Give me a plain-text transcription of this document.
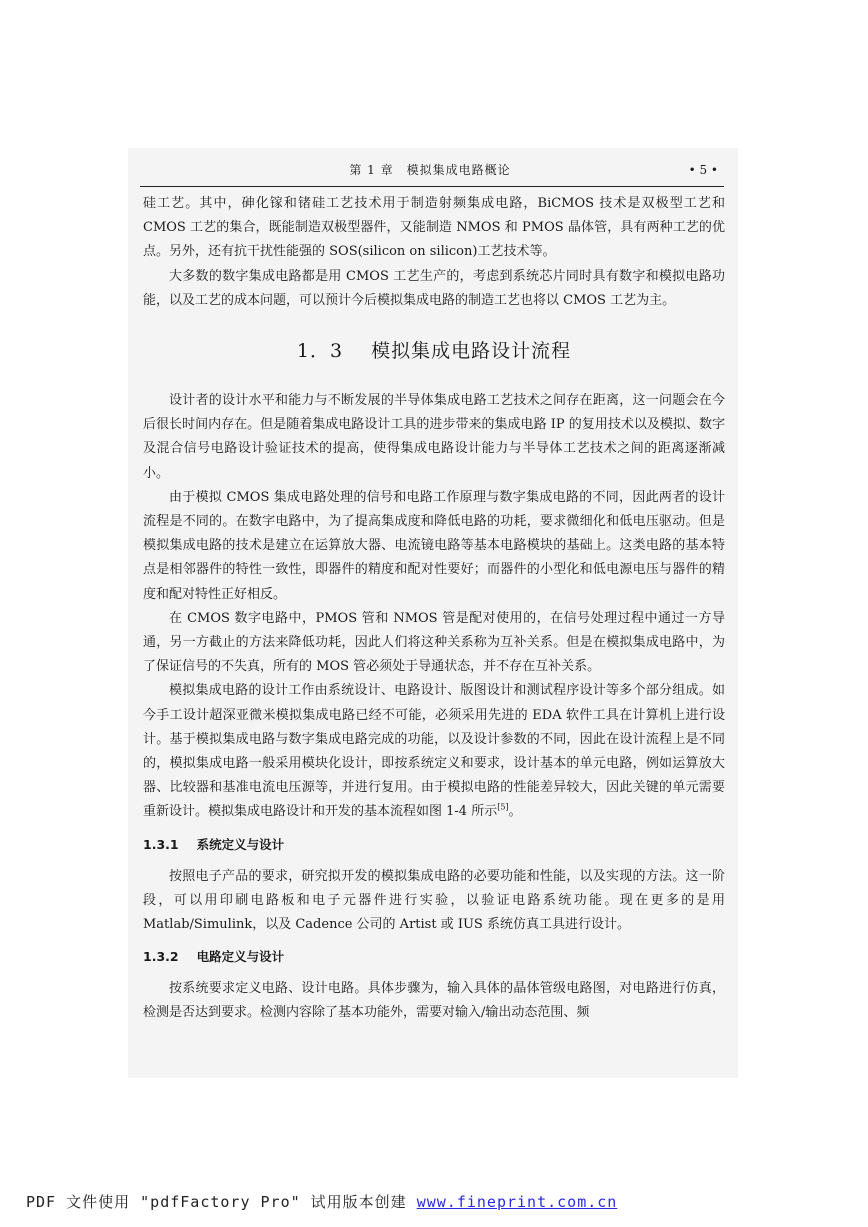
第 1 章　模拟集成电路概论	• 5 •

硅工艺。其中，砷化镓和锗硅工艺技术用于制造射频集成电路，BiCMOS 技术是双极型工艺和 CMOS 工艺的集合，既能制造双极型器件，又能制造 NMOS 和 PMOS 晶体管，具有两种工艺的优点。另外，还有抗干扰性能强的 SOS(silicon on silicon)工艺技术等。

大多数的数字集成电路都是用 CMOS 工艺生产的，考虑到系统芯片同时具有数字和模拟电路功能，以及工艺的成本问题，可以预计今后模拟集成电路的制造工艺也将以 CMOS 工艺为主。

1．3 模拟集成电路设计流程

设计者的设计水平和能力与不断发展的半导体集成电路工艺技术之间存在距离，这一问题会在今后很长时间内存在。但是随着集成电路设计工具的进步带来的集成电路 IP 的复用技术以及模拟、数字及混合信号电路设计验证技术的提高，使得集成电路设计能力与半导体工艺技术之间的距离逐渐减小。

由于模拟 CMOS 集成电路处理的信号和电路工作原理与数字集成电路的不同，因此两者的设计流程是不同的。在数字电路中，为了提高集成度和降低电路的功耗，要求微细化和低电压驱动。但是模拟集成电路的技术是建立在运算放大器、电流镜电路等基本电路模块的基础上。这类电路的基本特点是相邻器件的特性一致性，即器件的精度和配对性要好；而器件的小型化和低电源电压与器件的精度和配对特性正好相反。

在 CMOS 数字电路中，PMOS 管和 NMOS 管是配对使用的，在信号处理过程中通过一方导通，另一方截止的方法来降低功耗，因此人们将这种关系称为互补关系。但是在模拟集成电路中，为了保证信号的不失真，所有的 MOS 管必须处于导通状态，并不存在互补关系。

模拟集成电路的设计工作由系统设计、电路设计、版图设计和测试程序设计等多个部分组成。如今手工设计超深亚微米模拟集成电路已经不可能，必须采用先进的 EDA 软件工具在计算机上进行设计。基于模拟集成电路与数字集成电路完成的功能，以及设计参数的不同，因此在设计流程上是不同的，模拟集成电路一般采用模块化设计，即按系统定义和要求，设计基本的单元电路，例如运算放大器、比较器和基准电流电压源等，并进行复用。由于模拟电路的性能差异较大，因此关键的单元需要重新设计。模拟集成电路设计和开发的基本流程如图 1-4 所示[5]。

1.3.1 系统定义与设计

按照电子产品的要求，研究拟开发的模拟集成电路的必要功能和性能，以及实现的方法。这一阶段，可以用印刷电路板和电子元器件进行实验，以验证电路系统功能。现在更多的是用 Matlab/Simulink，以及 Cadence 公司的 Artist 或 IUS 系统仿真工具进行设计。

1.3.2 电路定义与设计

按系统要求定义电路、设计电路。具体步骤为，输入具体的晶体管级电路图，对电路进行仿真，检测是否达到要求。检测内容除了基本功能外，需要对输入/输出动态范围、频

PDF 文件使用 "pdfFactory Pro" 试用版本创建 www.fineprint.com.cn
